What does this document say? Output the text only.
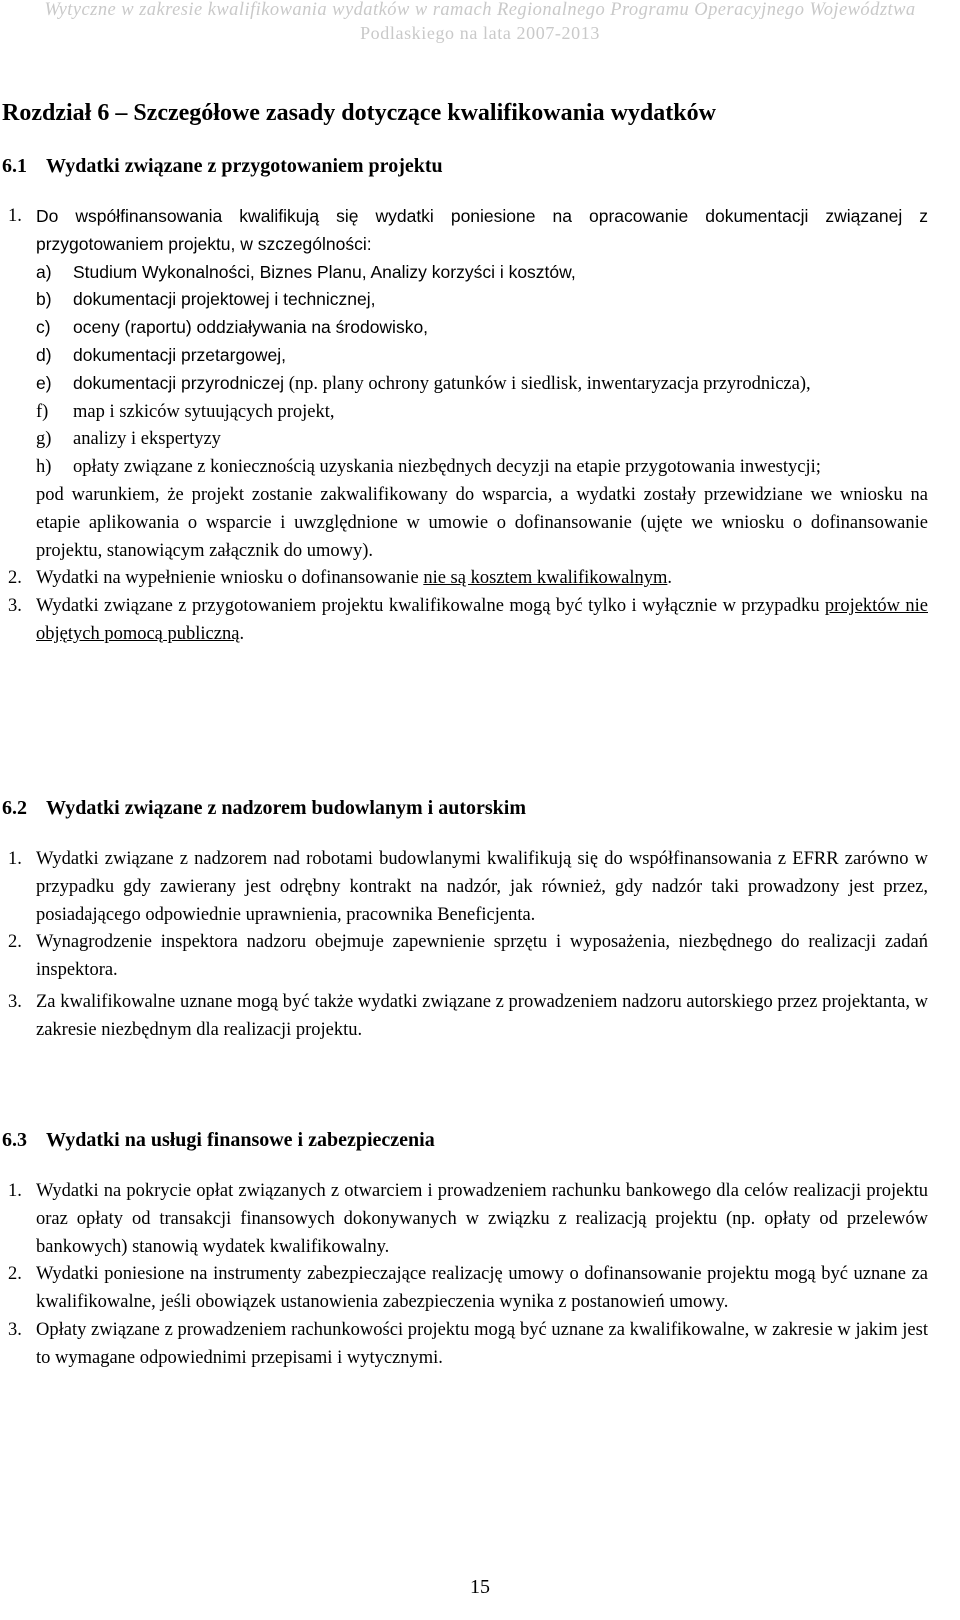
Wytyczne w zakresie kwalifikowania wydatków w ramach Regionalnego Programu Operacyjnego Województwa
Podlaskiego na lata 2007-2013
Rozdział 6 – Szczegółowe zasady dotyczące kwalifikowania wydatków
6.1 Wydatki związane z przygotowaniem projektu
1. Do współfinansowania kwalifikują się wydatki poniesione na opracowanie dokumentacji związanej z przygotowaniem projektu, w szczególności:
a) Studium Wykonalności, Biznes Planu, Analizy korzyści i kosztów,
b) dokumentacji projektowej i technicznej,
c) oceny (raportu) oddziaływania na środowisko,
d) dokumentacji przetargowej,
e) dokumentacji przyrodniczej (np. plany ochrony gatunków i siedlisk, inwentaryzacja przyrodnicza),
f) map i szkiców sytuujących projekt,
g) analizy i ekspertyzy
h) opłaty związane z koniecznością uzyskania niezbędnych decyzji na etapie przygotowania inwestycji;
pod warunkiem, że projekt zostanie zakwalifikowany do wsparcia, a wydatki zostały przewidziane we wniosku na etapie aplikowania o wsparcie i uwzględnione w umowie o dofinansowanie (ujęte we wniosku o dofinansowanie projektu, stanowiącym załącznik do umowy).
2. Wydatki na wypełnienie wniosku o dofinansowanie nie są kosztem kwalifikowalnym.
3. Wydatki związane z przygotowaniem projektu kwalifikowalne mogą być tylko i wyłącznie w przypadku projektów nie objętych pomocą publiczną.
6.2 Wydatki związane z nadzorem budowlanym i autorskim
1. Wydatki związane z nadzorem nad robotami budowlanymi kwalifikują się do współfinansowania z EFRR zarówno w przypadku gdy zawierany jest odrębny kontrakt na nadzór, jak również, gdy nadzór taki prowadzony jest przez, posiadającego odpowiednie uprawnienia, pracownika Beneficjenta.
2. Wynagrodzenie inspektora nadzoru obejmuje zapewnienie sprzętu i wyposażenia, niezbędnego do realizacji zadań inspektora.
3. Za kwalifikowalne uznane mogą być także wydatki związane z prowadzeniem nadzoru autorskiego przez projektanta, w zakresie niezbędnym dla realizacji projektu.
6.3 Wydatki na usługi finansowe i zabezpieczenia
1. Wydatki na pokrycie opłat związanych z otwarciem i prowadzeniem rachunku bankowego dla celów realizacji projektu oraz opłaty od transakcji finansowych dokonywanych w związku z realizacją projektu (np. opłaty od przelewów bankowych) stanowią wydatek kwalifikowalny.
2. Wydatki poniesione na instrumenty zabezpieczające realizację umowy o dofinansowanie projektu mogą być uznane za kwalifikowalne, jeśli obowiązek ustanowienia zabezpieczenia wynika z postanowień umowy.
3. Opłaty związane z prowadzeniem rachunkowości projektu mogą być uznane za kwalifikowalne, w zakresie w jakim jest to wymagane odpowiednimi przepisami i wytycznymi.
15
